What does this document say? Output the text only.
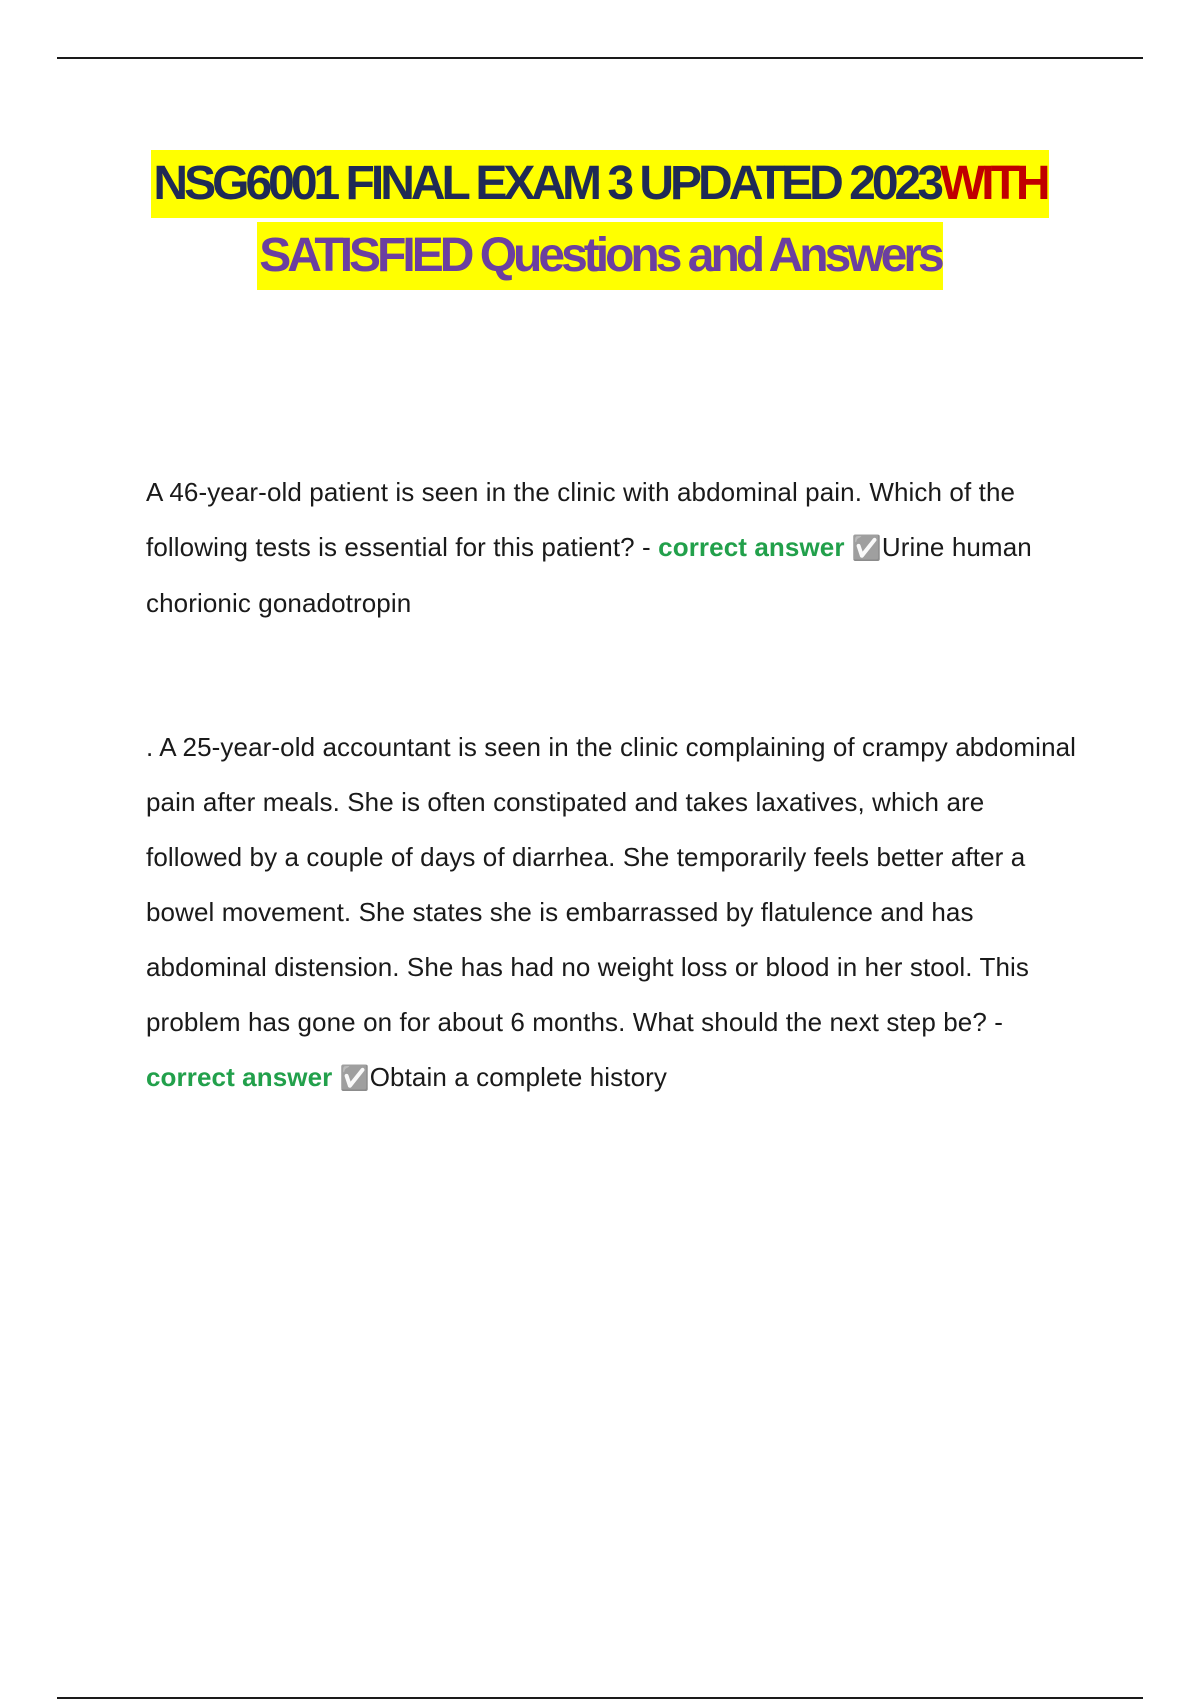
NSG6001 FINAL EXAM 3 UPDATED 2023WITH
SATISFIED Questions and Answers
A 46-year-old patient is seen in the clinic with abdominal pain. Which of the following tests is essential for this patient? - correct answer ✅Urine human chorionic gonadotropin
. A 25-year-old accountant is seen in the clinic complaining of crampy abdominal pain after meals. She is often constipated and takes laxatives, which are followed by a couple of days of diarrhea. She temporarily feels better after a bowel movement. She states she is embarrassed by flatulence and has abdominal distension. She has had no weight loss or blood in her stool. This problem has gone on for about 6 months. What should the next step be? - correct answer ✅Obtain a complete history
